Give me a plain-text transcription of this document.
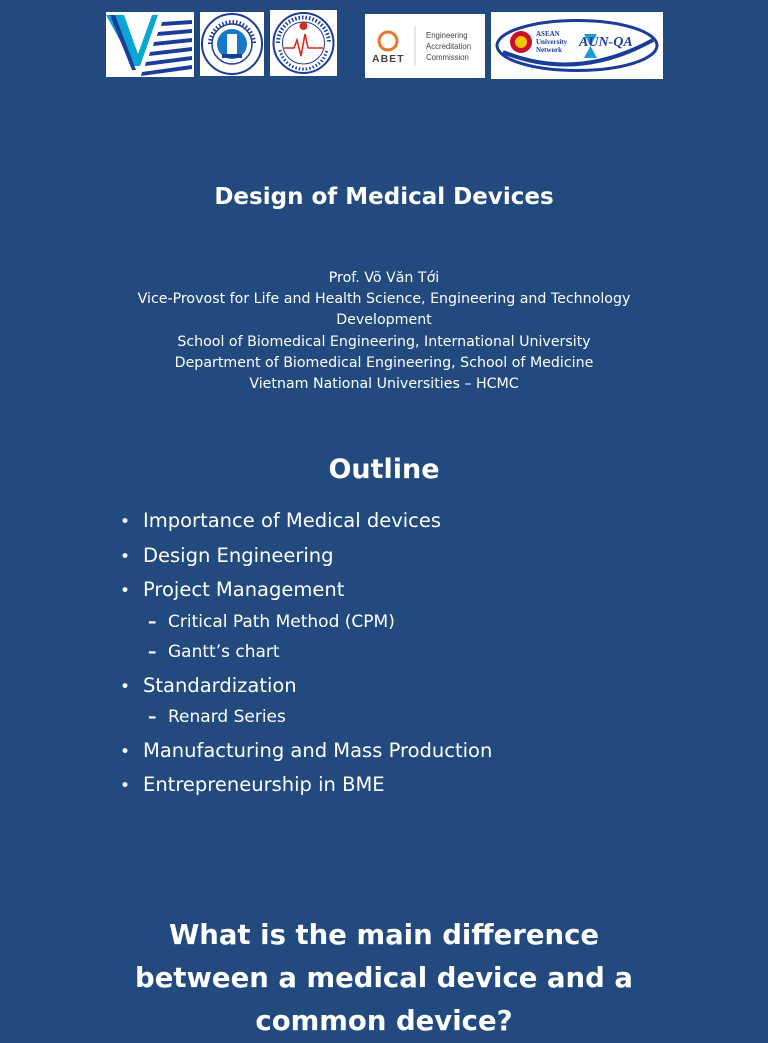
ABET
Engineering
Accreditation
Commission
ASEAN
University
Network AUN-QA
Design of Medical Devices
Prof. Võ Văn Tới
Vice-Provost for Life and Health Science, Engineering and Technology
Development
School of Biomedical Engineering, International University
Department of Biomedical Engineering, School of Medicine
Vietnam National Universities – HCMC
Outline
• Importance of Medical devices
• Design Engineering
• Project Management
– Critical Path Method (CPM)
– Gantt’s chart
• Standardization
– Renard Series
• Manufacturing and Mass Production
• Entrepreneurship in BME
What is the main difference
between a medical device and a
common device?
